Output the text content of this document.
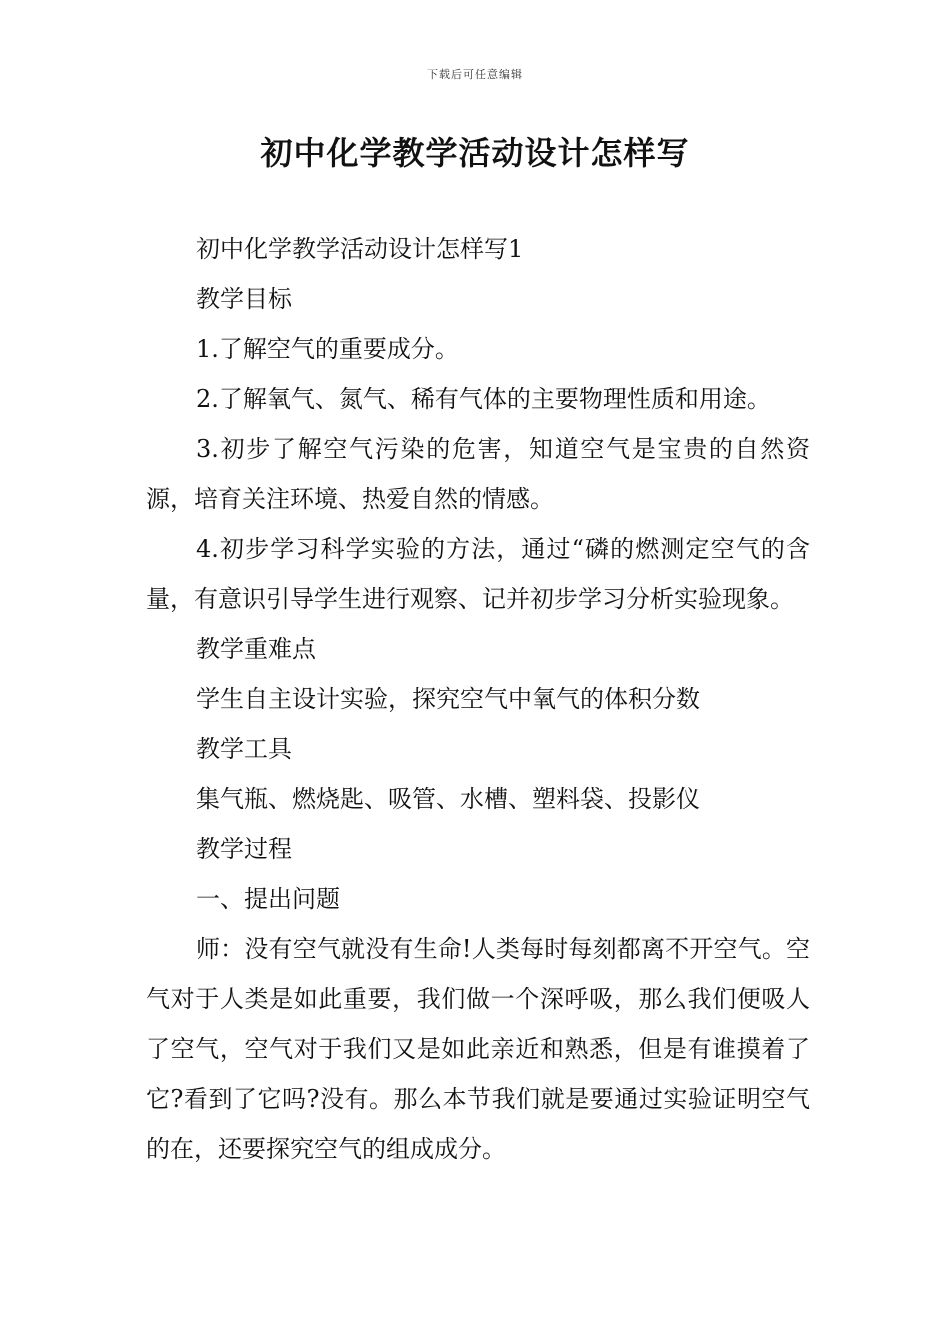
下载后可任意编辑
初中化学教学活动设计怎样写

初中化学教学活动设计怎样写1

教学目标

1.了解空气的重要成分。

2.了解氧气、氮气、稀有气体的主要物理性质和用途。

3.初步了解空气污染的危害，知道空气是宝贵的自然资源，培育关注环境、热爱自然的情感。

4.初步学习科学实验的方法，通过“磷的燃测定空气的含量，有意识引导学生进行观察、记并初步学习分析实验现象。

教学重难点

学生自主设计实验，探究空气中氧气的体积分数

教学工具

集气瓶、燃烧匙、吸管、水槽、塑料袋、投影仪

教学过程

一、提出问题

师：没有空气就没有生命!人类每时每刻都离不开空气。空气对于人类是如此重要，我们做一个深呼吸，那么我们便吸人了空气，空气对于我们又是如此亲近和熟悉，但是有谁摸着了它?看到了它吗?没有。那么本节我们就是要通过实验证明空气的在，还要探究空气的组成成分。
